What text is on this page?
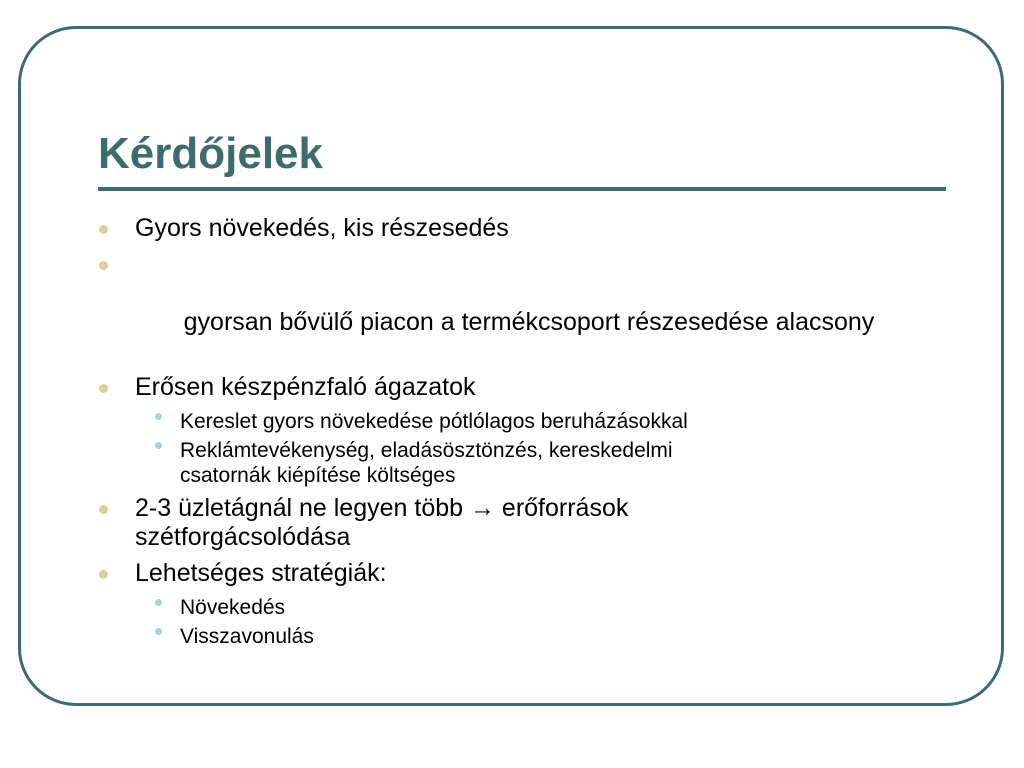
Kérdőjelek
Gyors növekedés, kis részesedés

gyorsan bővülő piacon a termékcsoport részesedése alacsony

Erősen készpénzfaló ágazatok
Kereslet gyors növekedése pótlólagos beruházásokkal
Reklámtevékenység, eladásösztönzés, kereskedelmi csatornák kiépítése költséges
2-3 üzletágnál ne legyen több → erőforrások szétforgácsolódása
Lehetséges stratégiák:
Növekedés
Visszavonulás
